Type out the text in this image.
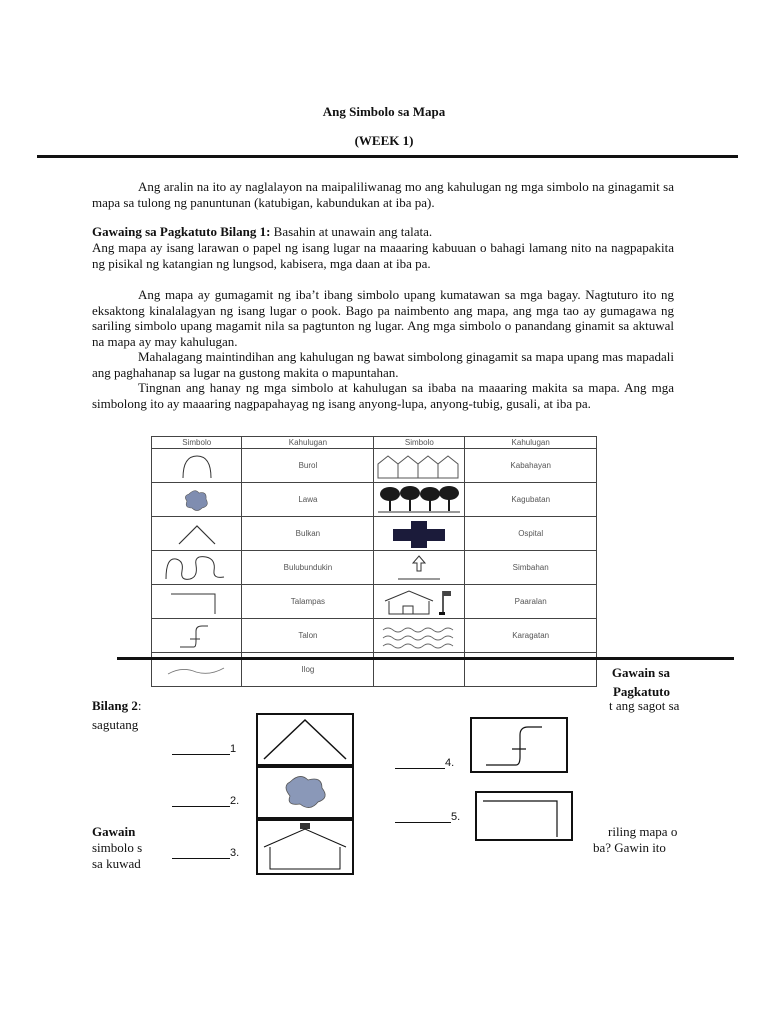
Ang Simbolo sa Mapa
(WEEK 1)
Ang aralin na ito ay naglalayon na maipaliliwanag mo ang kahulugan ng mga simbolo na ginagamit sa mapa sa tulong ng panuntunan (katubigan, kabundukan at iba pa).
Gawaing sa Pagkatuto Bilang 1: Basahin at unawain ang talata.
Ang mapa ay isang larawan o papel ng isang lugar na maaaring kabuuan o bahagi lamang nito na nagpapakita ng pisikal ng katangian ng lungsod, kabisera, mga daan at iba pa.
Ang mapa ay gumagamit ng iba’t ibang simbolo upang kumatawan sa mga bagay. Nagtuturo ito ng eksaktong kinalalagyan ng isang lugar o pook. Bago pa naimbento ang mapa, ang mga tao ay gumagawa ng sariling simbolo upang magamit nila sa pagtunton ng lugar. Ang mga simbolo o panandang ginamit sa aktuwal na mapa ay may kahulugan.
Mahalagang maintindihan ang kahulugan ng bawat simbolong ginagamit sa mapa upang mas mapadali ang paghahanap sa lugar na gustong makita o mapuntahan.
Tingnan ang hanay ng mga simbolo at kahulugan sa ibaba na maaaring makita sa mapa. Ang mga simbolong ito ay maaaring nagpapahayag ng isang anyong-lupa, anyong-tubig, gusali, at iba pa.
Simbolo	Kahulugan	Simbolo	Kahulugan

	Burol		Kabahayan

	Lawa		Kagubatan

	Bulkan		Ospital

	Bulubundukin		Simbahan

	Talampas		Paaralan

	Talon		Karagatan

	Ilog			Gawain sa
Pagkatuto
Bilang 2:	t ang sagot sa
sagutang
1
2.
3.
4.
5.
Gawain	riling mapa o
simbolo s	ba? Gawin ito
sa kuwad
